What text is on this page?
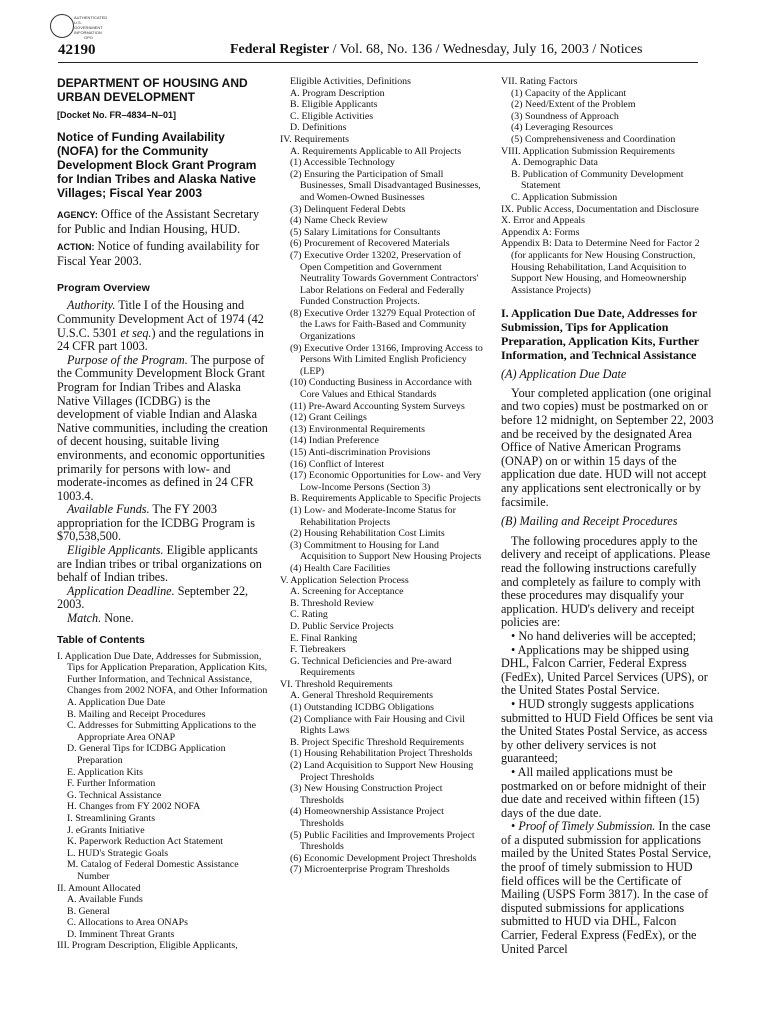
AUTHENTICATED
U.S. GOVERNMENT
INFORMATION
GPO
42190	Federal Register / Vol. 68, No. 136 / Wednesday, July 16, 2003 / Notices

DEPARTMENT OF HOUSING AND URBAN DEVELOPMENT

[Docket No. FR–4834–N–01]

Notice of Funding Availability (NOFA) for the Community Development Block Grant Program for Indian Tribes and Alaska Native Villages; Fiscal Year 2003

AGENCY: Office of the Assistant Secretary for Public and Indian Housing, HUD.

ACTION: Notice of funding availability for Fiscal Year 2003.

Program Overview

Authority. Title I of the Housing and Community Development Act of 1974 (42 U.S.C. 5301 et seq.) and the regulations in 24 CFR part 1003.

Purpose of the Program. The purpose of the Community Development Block Grant Program for Indian Tribes and Alaska Native Villages (ICDBG) is the development of viable Indian and Alaska Native communities, including the creation of decent housing, suitable living environments, and economic opportunities primarily for persons with low- and moderate-incomes as defined in 24 CFR 1003.4.

Available Funds. The FY 2003 appropriation for the ICDBG Program is $70,538,500.

Eligible Applicants. Eligible applicants are Indian tribes or tribal organizations on behalf of Indian tribes.

Application Deadline. September 22, 2003.

Match. None.

Table of Contents

I. Application Due Date, Addresses for Submission, Tips for Application Preparation, Application Kits, Further Information, and Technical Assistance, Changes from 2002 NOFA, and Other Information
A. Application Due Date
B. Mailing and Receipt Procedures
C. Addresses for Submitting Applications to the Appropriate Area ONAP
D. General Tips for ICDBG Application Preparation
E. Application Kits
F. Further Information
G. Technical Assistance
H. Changes from FY 2002 NOFA
I. Streamlining Grants
J. eGrants Initiative
K. Paperwork Reduction Act Statement
L. HUD's Strategic Goals
M. Catalog of Federal Domestic Assistance Number
II. Amount Allocated
A. Available Funds
B. General
C. Allocations to Area ONAPs
D. Imminent Threat Grants
III. Program Description, Eligible Applicants,
Eligible Activities, Definitions
A. Program Description
B. Eligible Applicants
C. Eligible Activities
D. Definitions
IV. Requirements
A. Requirements Applicable to All Projects
(1) Accessible Technology
(2) Ensuring the Participation of Small Businesses, Small Disadvantaged Businesses, and Women-Owned Businesses
(3) Delinquent Federal Debts
(4) Name Check Review
(5) Salary Limitations for Consultants
(6) Procurement of Recovered Materials
(7) Executive Order 13202, Preservation of Open Competition and Government Neutrality Towards Government Contractors' Labor Relations on Federal and Federally Funded Construction Projects.
(8) Executive Order 13279 Equal Protection of the Laws for Faith-Based and Community Organizations
(9) Executive Order 13166, Improving Access to Persons With Limited English Proficiency (LEP)
(10) Conducting Business in Accordance with Core Values and Ethical Standards
(11) Pre-Award Accounting System Surveys
(12) Grant Ceilings
(13) Environmental Requirements
(14) Indian Preference
(15) Anti-discrimination Provisions
(16) Conflict of Interest
(17) Economic Opportunities for Low- and Very Low-Income Persons (Section 3)
B. Requirements Applicable to Specific Projects
(1) Low- and Moderate-Income Status for Rehabilitation Projects
(2) Housing Rehabilitation Cost Limits
(3) Commitment to Housing for Land Acquisition to Support New Housing Projects
(4) Health Care Facilities
V. Application Selection Process
A. Screening for Acceptance
B. Threshold Review
C. Rating
D. Public Service Projects
E. Final Ranking
F. Tiebreakers
G. Technical Deficiencies and Pre-award Requirements
VI. Threshold Requirements
A. General Threshold Requirements
(1) Outstanding ICDBG Obligations
(2) Compliance with Fair Housing and Civil Rights Laws
B. Project Specific Threshold Requirements
(1) Housing Rehabilitation Project Thresholds
(2) Land Acquisition to Support New Housing Project Thresholds
(3) New Housing Construction Project Thresholds
(4) Homeownership Assistance Project Thresholds
(5) Public Facilities and Improvements Project Thresholds
(6) Economic Development Project Thresholds
(7) Microenterprise Program Thresholds
VII. Rating Factors
(1) Capacity of the Applicant
(2) Need/Extent of the Problem
(3) Soundness of Approach
(4) Leveraging Resources
(5) Comprehensiveness and Coordination
VIII. Application Submission Requirements
A. Demographic Data
B. Publication of Community Development Statement
C. Application Submission
IX. Public Access, Documentation and Disclosure
X. Error and Appeals
Appendix A: Forms
Appendix B: Data to Determine Need for Factor 2 (for applicants for New Housing Construction, Housing Rehabilitation, Land Acquisition to Support New Housing, and Homeownership Assistance Projects)

I. Application Due Date, Addresses for Submission, Tips for Application Preparation, Application Kits, Further Information, and Technical Assistance

(A) Application Due Date

Your completed application (one original and two copies) must be postmarked on or before 12 midnight, on September 22, 2003 and be received by the designated Area Office of Native American Programs (ONAP) on or within 15 days of the application due date. HUD will not accept any applications sent electronically or by facsimile.

(B) Mailing and Receipt Procedures

The following procedures apply to the delivery and receipt of applications. Please read the following instructions carefully and completely as failure to comply with these procedures may disqualify your application. HUD's delivery and receipt policies are:

• No hand deliveries will be accepted;

• Applications may be shipped using DHL, Falcon Carrier, Federal Express (FedEx), United Parcel Services (UPS), or the United States Postal Service.

• HUD strongly suggests applications submitted to HUD Field Offices be sent via the United States Postal Service, as access by other delivery services is not guaranteed;

• All mailed applications must be postmarked on or before midnight of their due date and received within fifteen (15) days of the due date.

• Proof of Timely Submission. In the case of a disputed submission for applications mailed by the United States Postal Service, the proof of timely submission to HUD field offices will be the Certificate of Mailing (USPS Form 3817). In the case of disputed submissions for applications submitted to HUD via DHL, Falcon Carrier, Federal Express (FedEx), or the United Parcel
